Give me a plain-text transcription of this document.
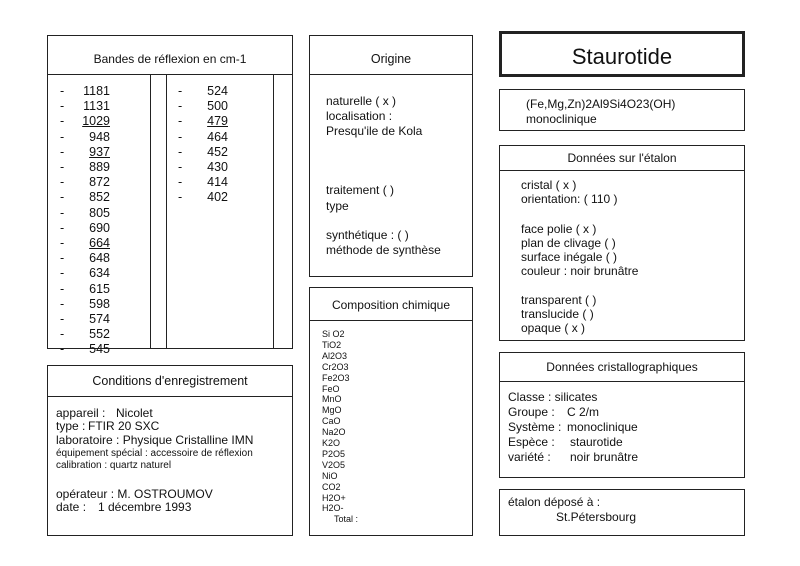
Bandes de réflexion en cm-1
-	1181
-	1131
-	1029
-	948
-	937
-	889
-	872
-	852
-	805
-	690
-	664
-	648
-	634
-	615
-	598
-	574
-	552
-	545
-	524
-	500
-	479
-	464
-	452
-	430
-	414
-	402
Origine
naturelle ( x )
localisation :
Presqu'ile de Kola
traitement ( )
type
synthétique : ( )
méthode de synthèse
Composition chimique
Si O2
TiO2
Al2O3
Cr2O3
Fe2O3
FeO
MnO
MgO
CaO
Na2O
K2O
P2O5
V2O5
NiO
CO2
H2O+
H2O-
Total :
Conditions d'enregistrement
appareil : Nicolet
type : FTIR 20 SXC
laboratoire : Physique Cristalline IMN
équipement spécial : accessoire de réflexion
calibration : quartz naturel
opérateur : M. OSTROUMOV
date : 1 décembre 1993
Staurotide
(Fe,Mg,Zn)2Al9Si4O23(OH)
monoclinique
Données sur l'étalon
cristal ( x )
orientation: ( 110 )
face polie ( x )
plan de clivage ( )
surface inégale ( )
couleur : noir brunâtre
transparent ( )
translucide ( )
opaque ( x )
Données cristallographiques
Classe : silicates
Groupe : C 2/m
Système : monoclinique
Espèce : staurotide
variété : noir brunâtre
étalon déposé à :
St.Pétersbourg
